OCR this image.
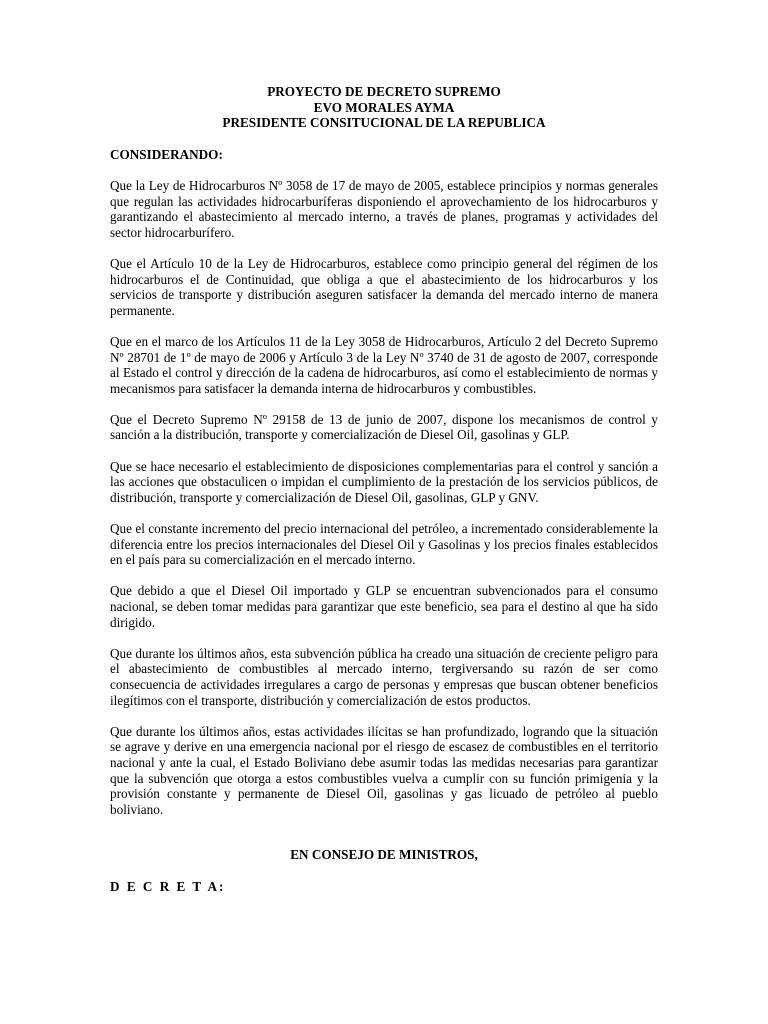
PROYECTO DE DECRETO SUPREMO
EVO MORALES AYMA
PRESIDENTE CONSITUCIONAL DE LA REPUBLICA
CONSIDERANDO:

Que la Ley de Hidrocarburos Nº 3058 de 17 de mayo de 2005, establece principios y normas generales que regulan las actividades hidrocarburíferas disponiendo el aprovechamiento de los hidrocarburos y garantizando el abastecimiento al mercado interno, a través de planes, programas y actividades del sector hidrocarburífero.

Que el Artículo 10 de la Ley de Hidrocarburos, establece como principio general del régimen de los hidrocarburos el de Continuidad, que obliga a que el abastecimiento de los hidrocarburos y los servicios de transporte y distribución aseguren satisfacer la demanda del mercado interno de manera permanente.

Que en el marco de los Artículos 11 de la Ley 3058 de Hidrocarburos, Artículo 2 del Decreto Supremo Nº 28701 de 1º de mayo de 2006 y Artículo 3 de la Ley Nº 3740 de 31 de agosto de 2007, corresponde al Estado el control y dirección de la cadena de hidrocarburos, así como el establecimiento de normas y mecanismos para satisfacer la demanda interna de hidrocarburos y combustibles.

Que el Decreto Supremo Nº 29158 de 13 de junio de 2007, dispone los mecanismos de control y sanción a la distribución, transporte y comercialización de Diesel Oil, gasolinas y GLP.

Que se hace necesario el establecimiento de disposiciones complementarias para el control y sanción a las acciones que obstaculicen o impidan el cumplimiento de la prestación de los servicios públicos, de distribución, transporte y comercialización de Diesel Oil, gasolinas, GLP y GNV.

Que el constante incremento del precio internacional del petróleo, a incrementado considerablemente la diferencia entre los precios internacionales del Diesel Oil y Gasolinas y los precios finales establecidos en el país para su comercialización en el mercado interno.

Que debido a que el Diesel Oil importado y GLP se encuentran subvencionados para el consumo nacional, se deben tomar medidas para garantizar que este beneficio, sea para el destino al que ha sido dirigido.

Que durante los últimos años, esta subvención pública ha creado una situación de creciente peligro para el abastecimiento de combustibles al mercado interno, tergiversando su razón de ser como consecuencia de actividades irregulares a cargo de personas y empresas que buscan obtener beneficios ilegítimos con el transporte, distribución y comercialización de estos productos.

Que durante los últimos años, estas actividades ilícitas se han profundizado, logrando que la situación se agrave y derive en una emergencia nacional por el riesgo de escasez de combustibles en el territorio nacional y ante la cual, el Estado Boliviano debe asumir todas las medidas necesarias para garantizar que la subvención que otorga a estos combustibles vuelva a cumplir con su función primigenia y la provisión constante y permanente de Diesel Oil, gasolinas y gas licuado de petróleo al pueblo boliviano.

EN CONSEJO DE MINISTROS,
D E C R E T A:
